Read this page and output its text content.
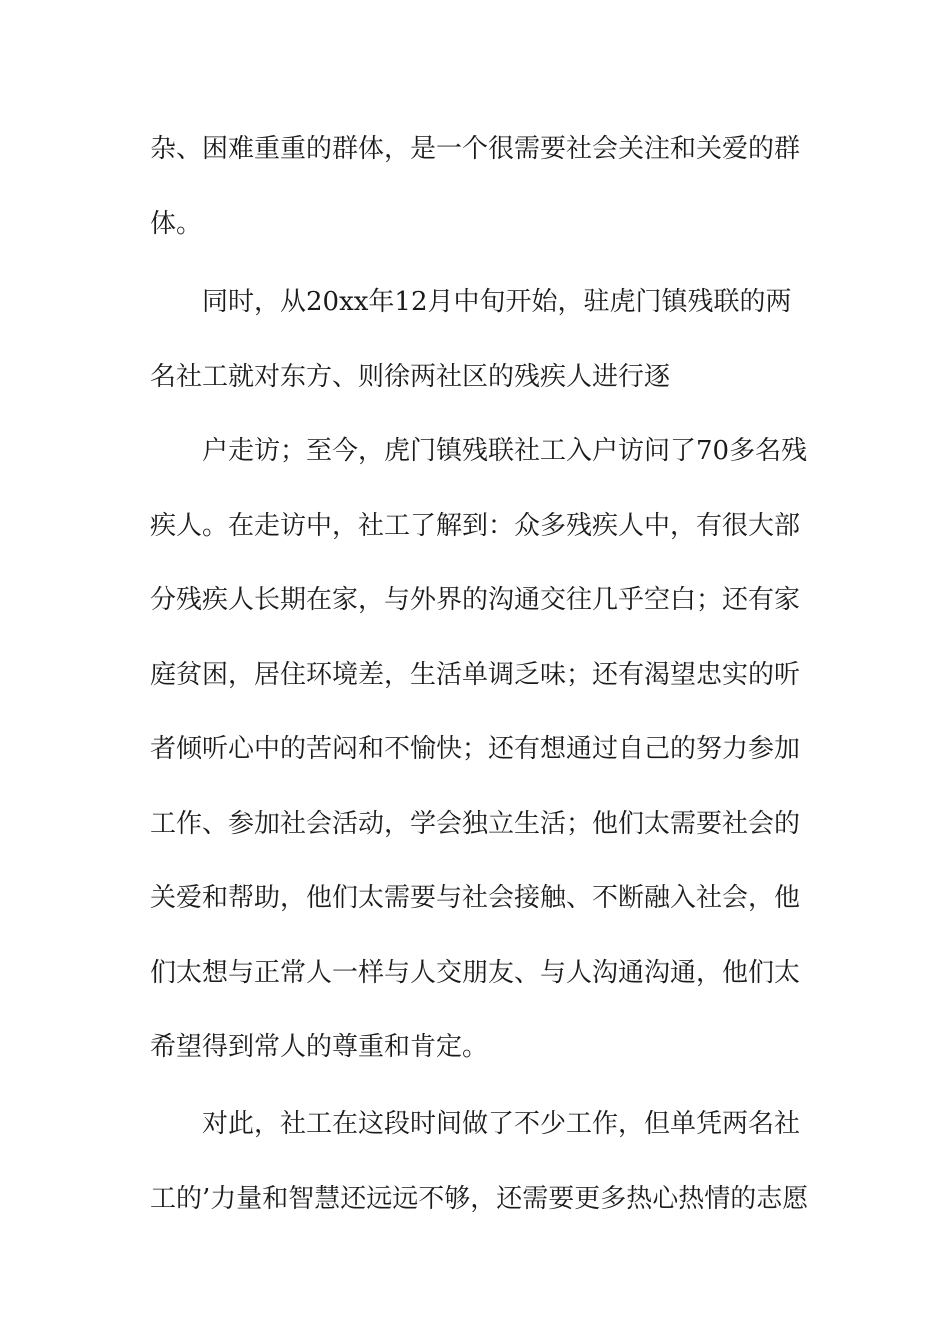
杂、困难重重的群体，是一个很需要社会关注和关爱的群
体。
同时，从20xx年12月中旬开始，驻虎门镇残联的两
名社工就对东方、则徐两社区的残疾人进行逐
户走访；至今，虎门镇残联社工入户访问了70多名残
疾人。在走访中，社工了解到：众多残疾人中，有很大部
分残疾人长期在家，与外界的沟通交往几乎空白；还有家
庭贫困，居住环境差，生活单调乏味；还有渴望忠实的听
者倾听心中的苦闷和不愉快；还有想通过自己的努力参加
工作、参加社会活动，学会独立生活；他们太需要社会的
关爱和帮助，他们太需要与社会接触、不断融入社会，他
们太想与正常人一样与人交朋友、与人沟通沟通，他们太
希望得到常人的尊重和肯定。
对此，社工在这段时间做了不少工作，但单凭两名社
工的’力量和智慧还远远不够，还需要更多热心热情的志愿
